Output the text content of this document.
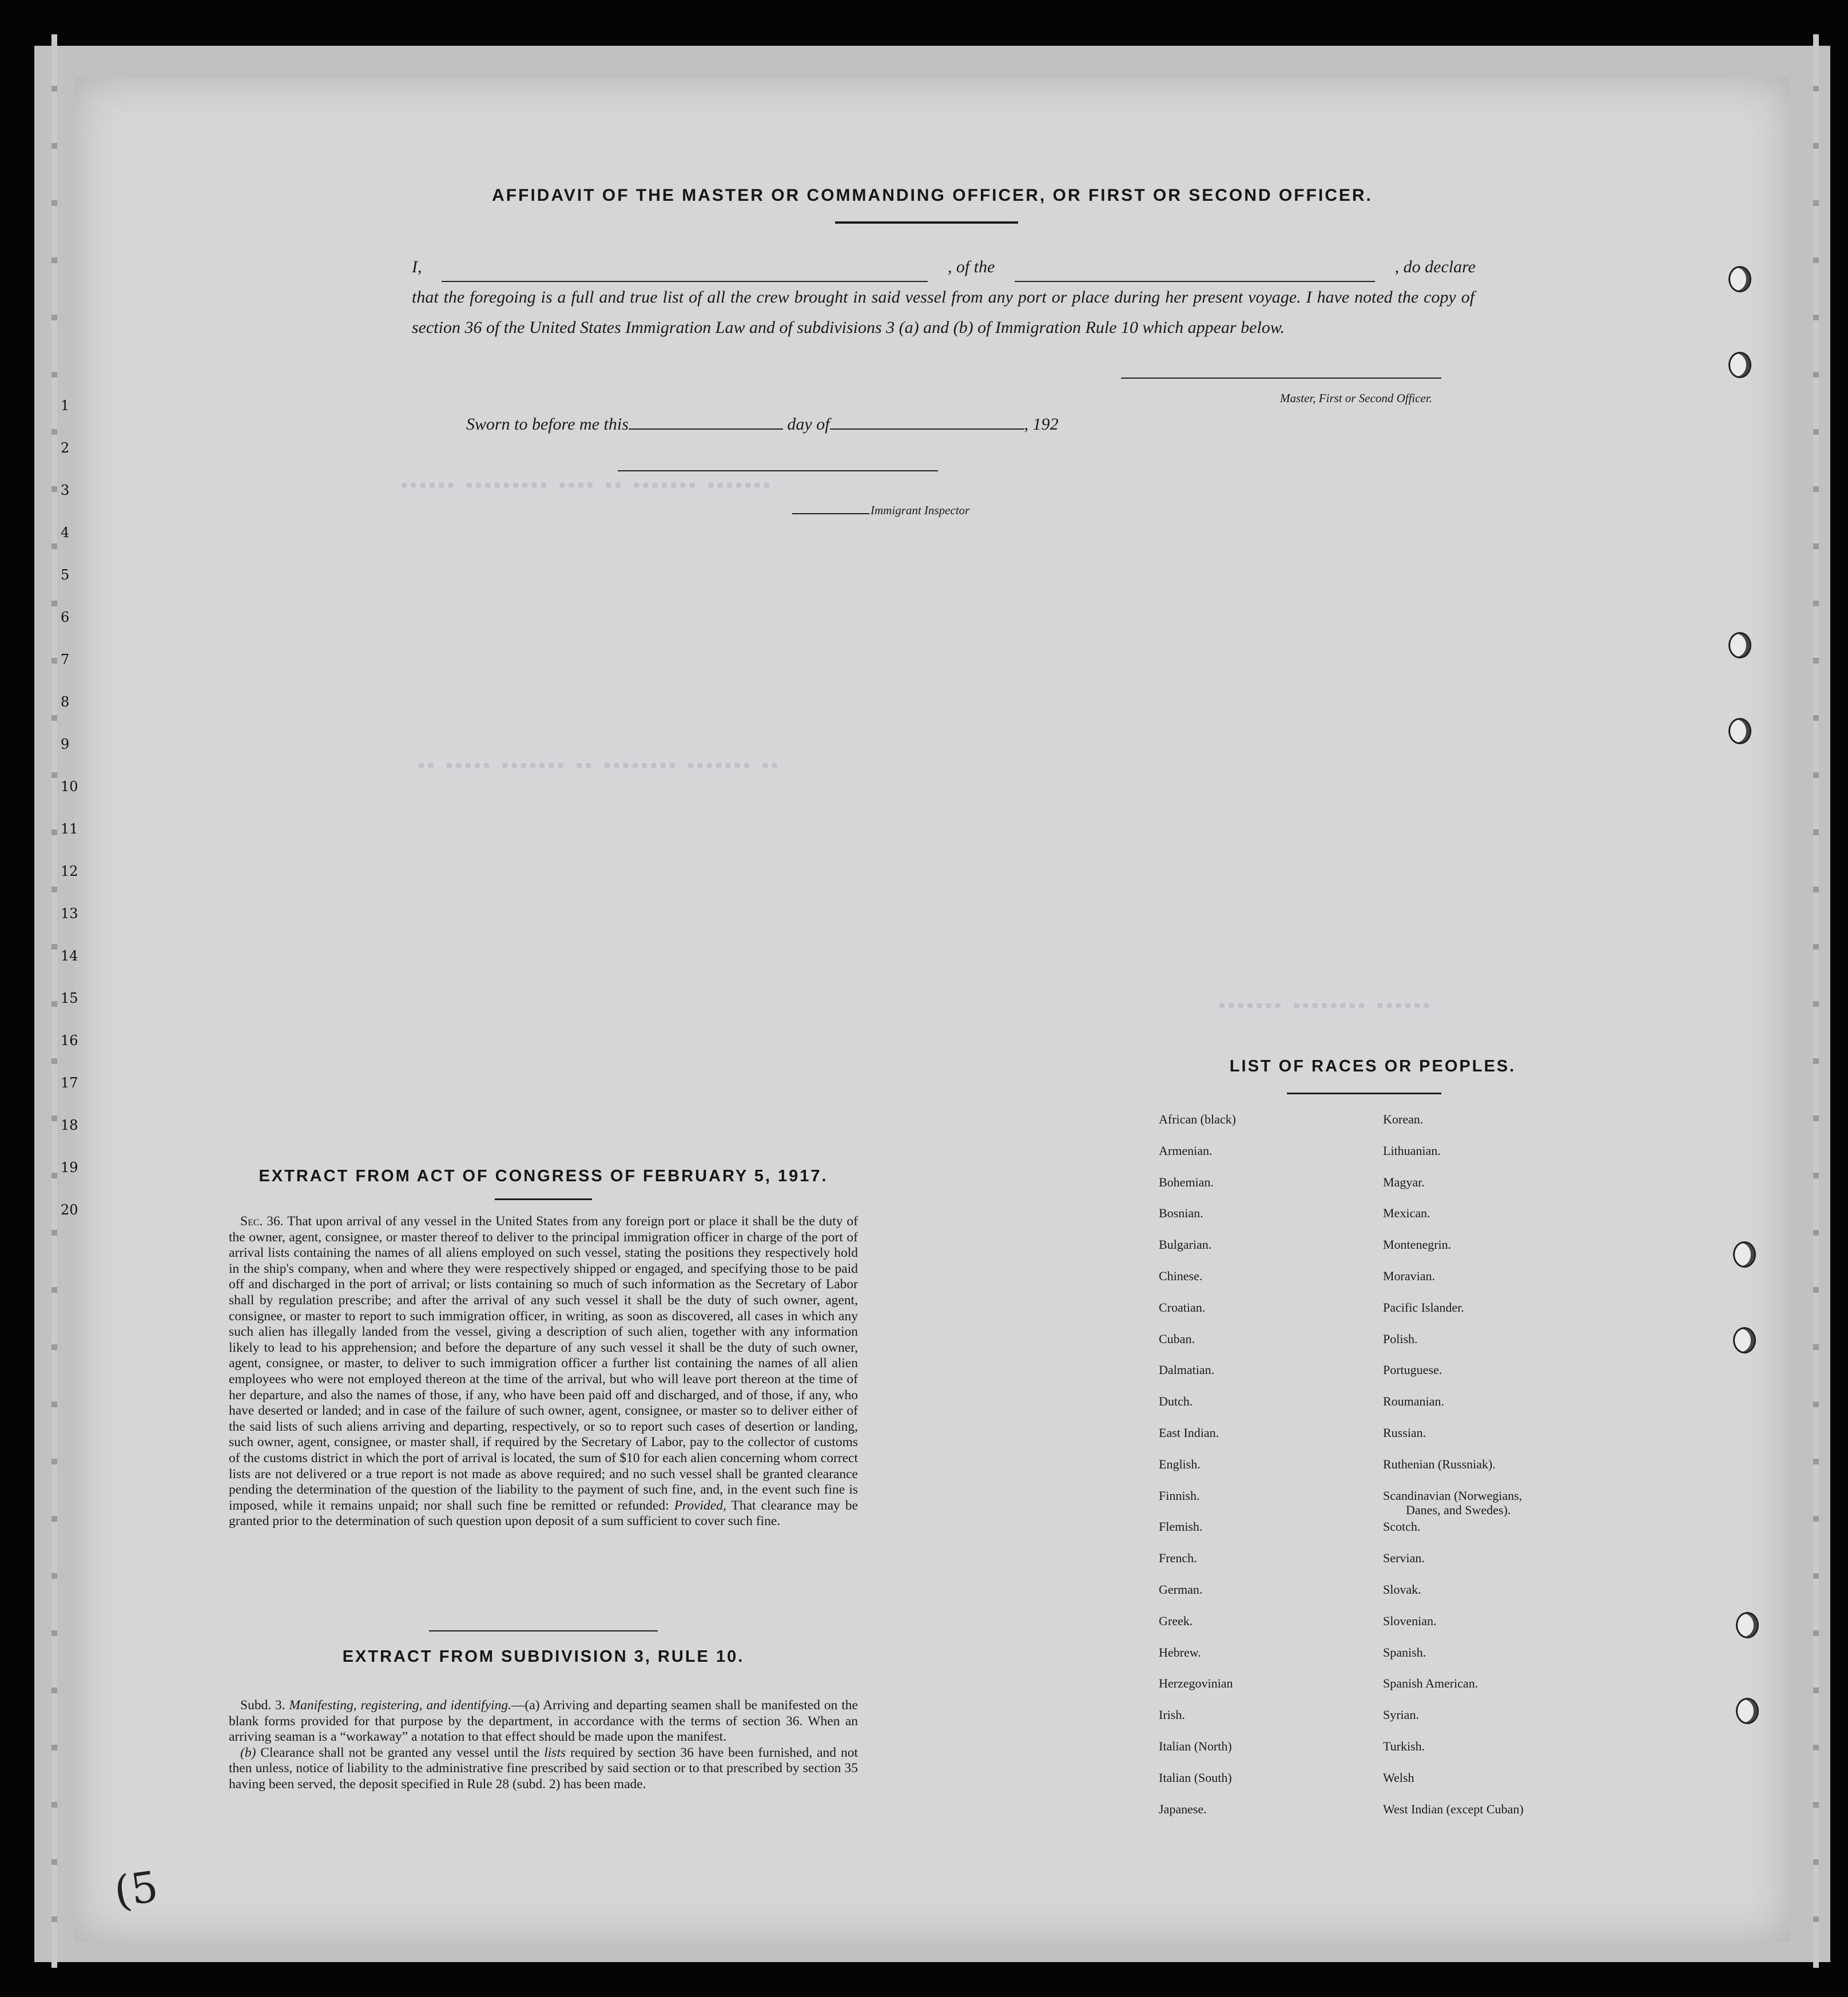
▪▪▪▪▪▪ ▪▪▪▪▪▪▪▪▪ ▪▪▪▪ ▪▪ ▪▪▪▪▪▪▪ ▪▪▪▪▪▪▪
▪▪ ▪▪▪▪▪ ▪▪▪▪▪▪▪ ▪▪ ▪▪▪▪▪▪▪▪ ▪▪▪▪▪▪▪ ▪▪
▪▪▪▪▪▪▪ ▪▪▪▪▪▪▪▪ ▪▪▪▪▪▪
AFFIDAVIT OF THE MASTER OR COMMANDING OFFICER, OR FIRST OR SECOND OFFICER.
I,	, of the	, do declare
that the foregoing is a full and true list of all the crew brought in said vessel from any port or place during her present voyage. I have noted the copy of section 36 of the United States Immigration Law and of subdivisions 3 (a) and (b) of Immigration Rule 10 which appear below.
Master, First or Second Officer.
Sworn to before me this	day of	, 192
Immigrant Inspector
EXTRACT FROM ACT OF CONGRESS OF FEBRUARY 5, 1917.
Sec. 36. That upon arrival of any vessel in the United States from any foreign port or place it shall be the duty of the owner, agent, consignee, or master thereof to deliver to the principal immigration officer in charge of the port of arrival lists containing the names of all aliens employed on such vessel, stating the positions they respectively hold in the ship's company, when and where they were respectively shipped or engaged, and specifying those to be paid off and discharged in the port of arrival; or lists containing so much of such information as the Secretary of Labor shall by regulation prescribe; and after the arrival of any such vessel it shall be the duty of such owner, agent, consignee, or master to report to such immigration officer, in writing, as soon as discovered, all cases in which any such alien has illegally landed from the vessel, giving a description of such alien, together with any information likely to lead to his apprehension; and before the departure of any such vessel it shall be the duty of such owner, agent, consignee, or master, to deliver to such immigration officer a further list containing the names of all alien employees who were not employed thereon at the time of the arrival, but who will leave port thereon at the time of her departure, and also the names of those, if any, who have been paid off and discharged, and of those, if any, who have deserted or landed; and in case of the failure of such owner, agent, consignee, or master so to deliver either of the said lists of such aliens arriving and departing, respectively, or so to report such cases of desertion or landing, such owner, agent, consignee, or master shall, if required by the Secretary of Labor, pay to the collector of customs of the customs district in which the port of arrival is located, the sum of $10 for each alien concerning whom correct lists are not delivered or a true report is not made as above required; and no such vessel shall be granted clearance pending the determination of the question of the liability to the payment of such fine, and, in the event such fine is imposed, while it remains unpaid; nor shall such fine be remitted or refunded: Provided, That clearance may be granted prior to the determination of such question upon deposit of a sum sufficient to cover such fine.
EXTRACT FROM SUBDIVISION 3, RULE 10.
Subd. 3. Manifesting, registering, and identifying.—(a) Arriving and departing seamen shall be manifested on the blank forms provided for that purpose by the department, in accordance with the terms of section 36. When an arriving seaman is a “workaway” a notation to that effect should be made upon the manifest.
(b) Clearance shall not be granted any vessel until the lists required by section 36 have been furnished, and not then unless, notice of liability to the administrative fine prescribed by said section or to that prescribed by section 35 having been served, the deposit specified in Rule 28 (subd. 2) has been made.
LIST OF RACES OR PEOPLES.
African (black)	Korean.
Armenian.	Lithuanian.
Bohemian.	Magyar.
Bosnian.	Mexican.
Bulgarian.	Montenegrin.
Chinese.	Moravian.
Croatian.	Pacific Islander.
Cuban.	Polish.
Dalmatian.	Portuguese.
Dutch.	Roumanian.
East Indian.	Russian.
English.	Ruthenian (Russniak).
Finnish.	Scandinavian (Norwegians,
Danes, and Swedes).
Flemish.	Scotch.
French.	Servian.
German.	Slovak.
Greek.	Slovenian.
Hebrew.	Spanish.
Herzegovinian	Spanish American.
Irish.	Syrian.
Italian (North)	Turkish.
Italian (South)	Welsh
Japanese.	West Indian (except Cuban)
1
2
3
4
5
6
7
8
9
10
11
12
13
14
15
16
17
18
19
20
(5
